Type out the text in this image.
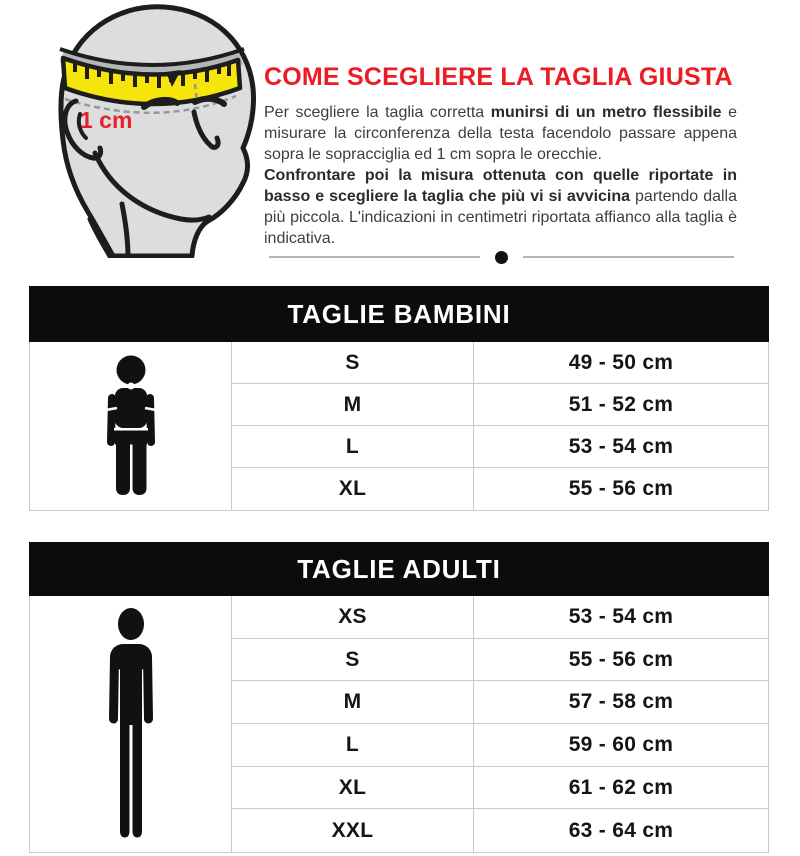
1 cm
COME SCEGLIERE LA TAGLIA GIUSTA

Per scegliere la taglia corretta munirsi di un metro flessibile e misurare la circonferenza della testa facendolo passare appena sopra le sopracciglia ed 1 cm sopra le orecchie.

Confrontare poi la misura ottenuta con quelle riportate in basso e scegliere la taglia che più vi si avvicina partendo dalla più piccola. L'indicazioni in centimetri riportata affianco alla taglia è indicativa.

TAGLIE BAMBINI
S	49 - 50 cm
M	51 - 52 cm
L	53 - 54 cm
XL	55 - 56 cm
TAGLIE ADULTI
XS	53 - 54 cm
S	55 - 56 cm
M	57 - 58 cm
L	59 - 60 cm
XL	61 - 62 cm
XXL	63 - 64 cm
